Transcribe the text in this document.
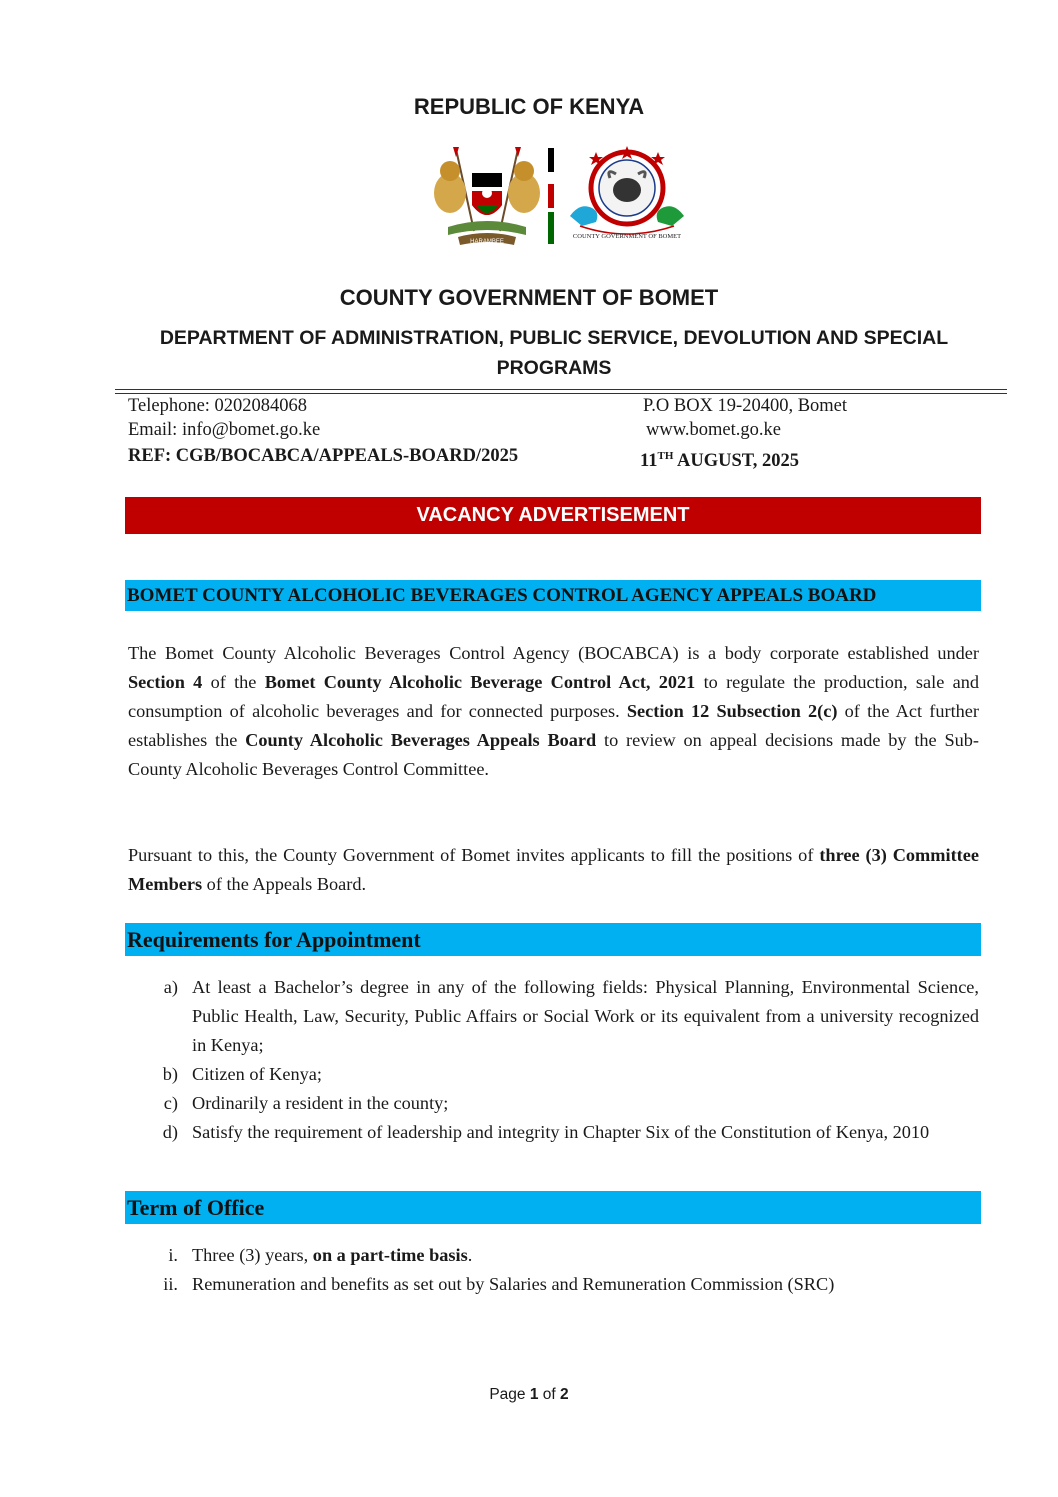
REPUBLIC OF KENYA
HARAMBEE
COUNTY GOVERNMENT OF BOMET
COUNTY GOVERNMENT OF BOMET
DEPARTMENT OF ADMINISTRATION, PUBLIC SERVICE, DEVOLUTION AND SPECIAL PROGRAMS
Telephone: 0202084068	P.O BOX 19-20400, Bomet
Email: info@bomet.go.ke	www.bomet.go.ke
REF: CGB/BOCABCA/APPEALS-BOARD/2025	11TH AUGUST, 2025
VACANCY ADVERTISEMENT
BOMET COUNTY ALCOHOLIC BEVERAGES CONTROL AGENCY APPEALS BOARD

The Bomet County Alcoholic Beverages Control Agency (BOCABCA) is a body corporate established under Section 4 of the Bomet County Alcoholic Beverage Control Act, 2021 to regulate the production, sale and consumption of alcoholic beverages and for connected purposes. Section 12 Subsection 2(c) of the Act further establishes the County Alcoholic Beverages Appeals Board to review on appeal decisions made by the Sub-County Alcoholic Beverages Control Committee.

Pursuant to this, the County Government of Bomet invites applicants to fill the positions of three (3) Committee Members of the Appeals Board.

Requirements for Appointment
a) At least a Bachelor’s degree in any of the following fields: Physical Planning, Environmental Science, Public Health, Law, Security, Public Affairs or Social Work or its equivalent from a university recognized in Kenya;
b) Citizen of Kenya;
c) Ordinarily a resident in the county;
d) Satisfy the requirement of leadership and integrity in Chapter Six of the Constitution of Kenya, 2010
Term of Office
i. Three (3) years, on a part-time basis.
ii. Remuneration and benefits as set out by Salaries and Remuneration Commission (SRC)
Page 1 of 2
